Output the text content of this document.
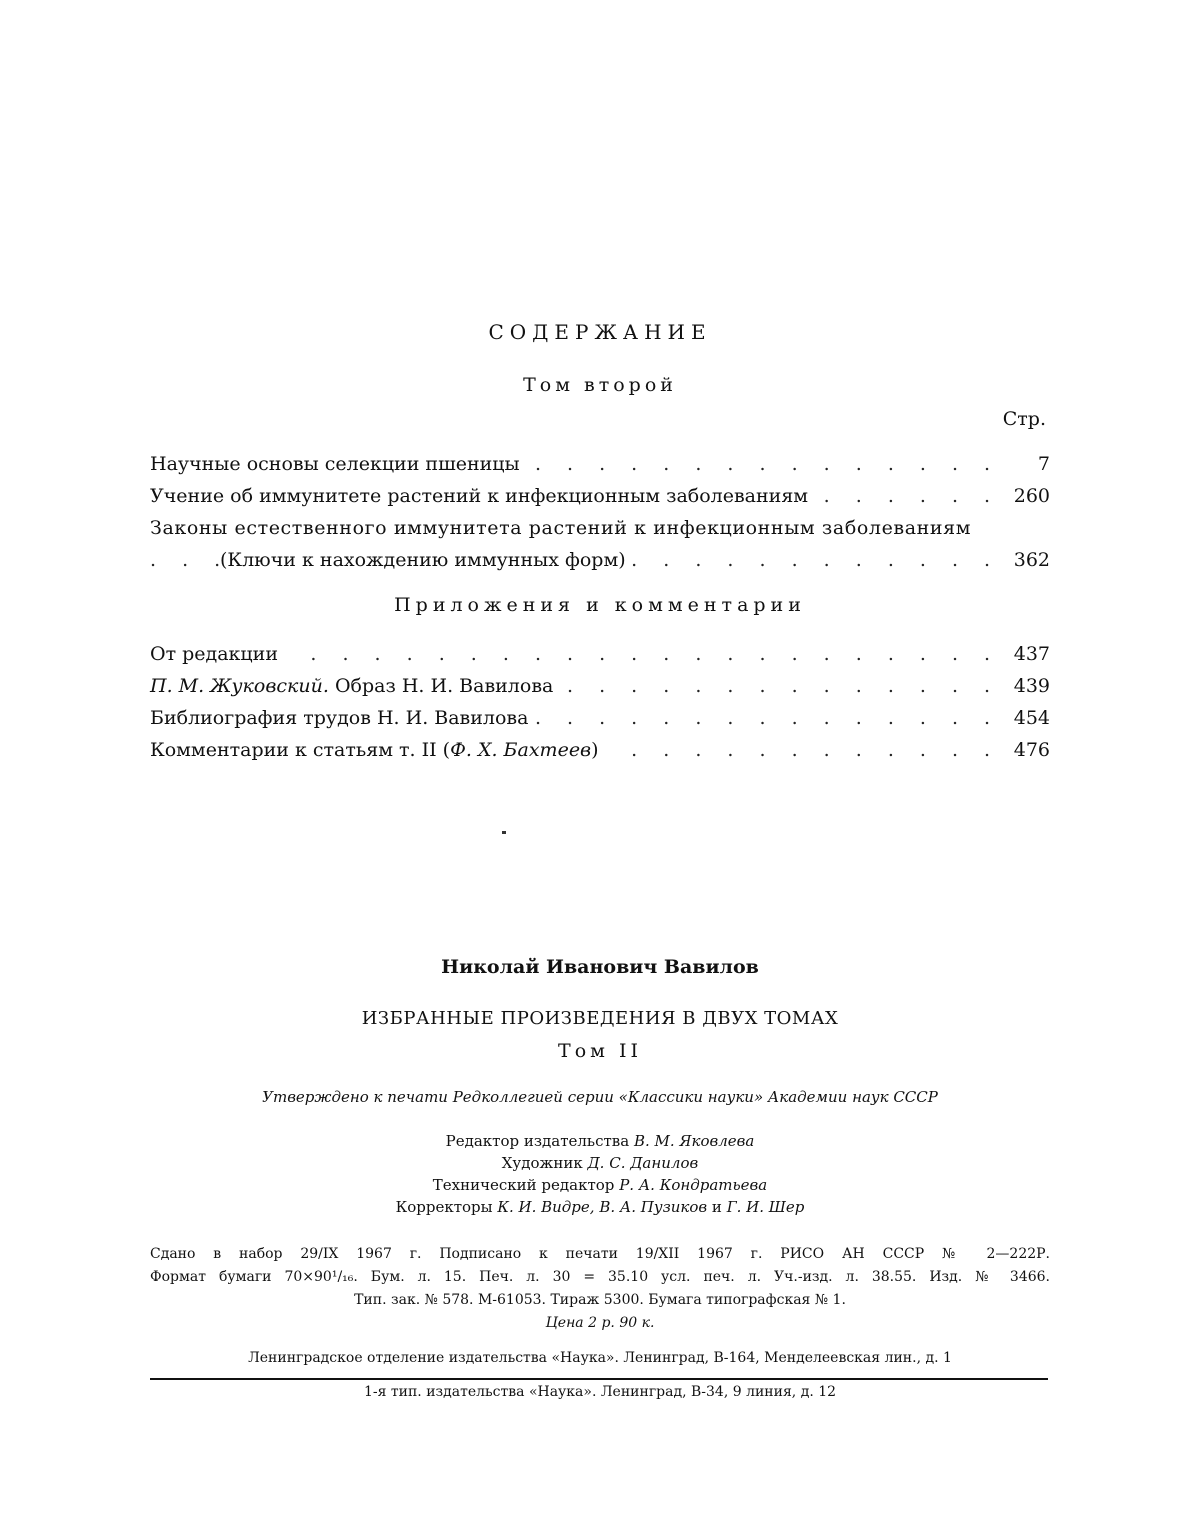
СОДЕРЖАНИЕ
Том второй
Стр.
. . . . . . . . . . . . . .
Научные основы селекции пшеницы	7
Учение об иммунитете растений к инфекционным заболеваниям	260
Законы естественного иммунитета растений к инфекционным заболеваниям
(Ключи к нахождению иммунных форм)	362
Приложения и комментарии
. . . . . . . . . . . . . . . . . . . . . .
От редакции	437
. . . . . . . . . . . . .
П. М. Жуковский. Образ Н. И. Вавилова	439
. . . . . . . . . . . . . .
Библиография трудов Н. И. Вавилова	454
Комментарии к статьям т. II (Ф. Х. Бахтеев)	476
Николай Иванович Вавилов
ИЗБРАННЫЕ ПРОИЗВЕДЕНИЯ В ДВУХ ТОМАХ
Том II
Утверждено к печати Редколлегией серии «Классики науки» Академии наук СССР
Редактор издательства В. М. Яковлева
Художник Д. С. Данилов
Технический редактор Р. А. Кондратьева
Корректоры К. И. Видре, В. А. Пузиков и Г. И. Шер
Сдано в набор 29/IX 1967 г. Подписано к печати 19/XII 1967 г. РИСО АН СССР № 2—222Р.
Формат бумаги 70×90¹/₁₆. Бум. л. 15. Печ. л. 30 = 35.10 усл. печ. л. Уч.-изд. л. 38.55. Изд. № 3466.
Тип. зак. № 578. М-61053. Тираж 5300. Бумага типографская № 1.
Цена 2 р. 90 к.
Ленинградское отделение издательства «Наука». Ленинград, В-164, Менделеевская лин., д. 1
1-я тип. издательства «Наука». Ленинград, В-34, 9 линия, д. 12
